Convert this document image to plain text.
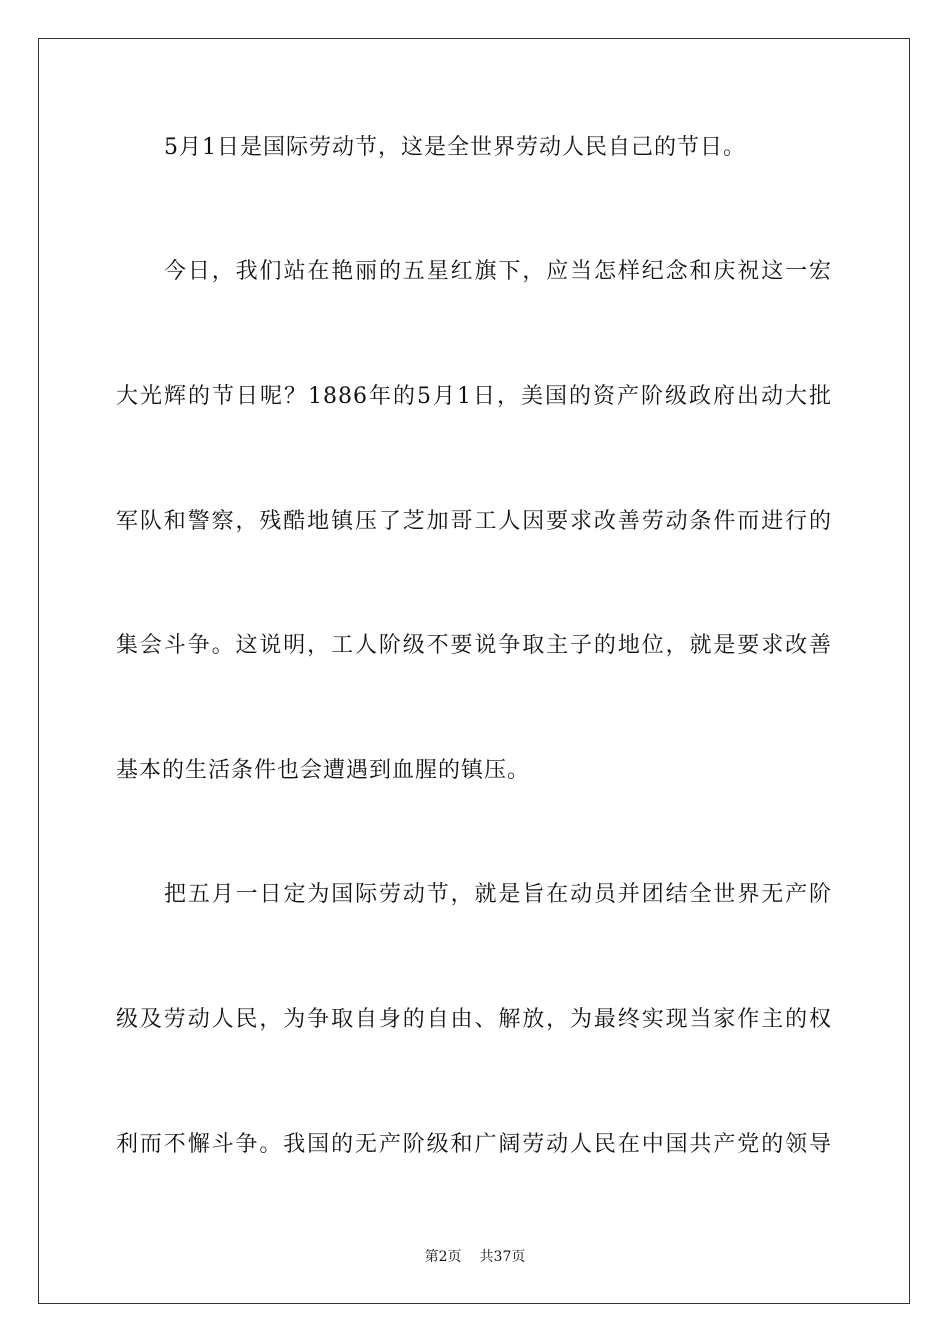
5月1日是国际劳动节，这是全世界劳动人民自己的节日。
今日，我们站在艳丽的五星红旗下，应当怎样纪念和庆祝这一宏
大光辉的节日呢？1886年的5月1日，美国的资产阶级政府出动大批
军队和警察，残酷地镇压了芝加哥工人因要求改善劳动条件而进行的
集会斗争。这说明，工人阶级不要说争取主子的地位，就是要求改善
基本的生活条件也会遭遇到血腥的镇压。
把五月一日定为国际劳动节，就是旨在动员并团结全世界无产阶
级及劳动人民，为争取自身的自由、解放，为最终实现当家作主的权
利而不懈斗争。我国的无产阶级和广阔劳动人民在中国共产党的领导
第2页 共37页
